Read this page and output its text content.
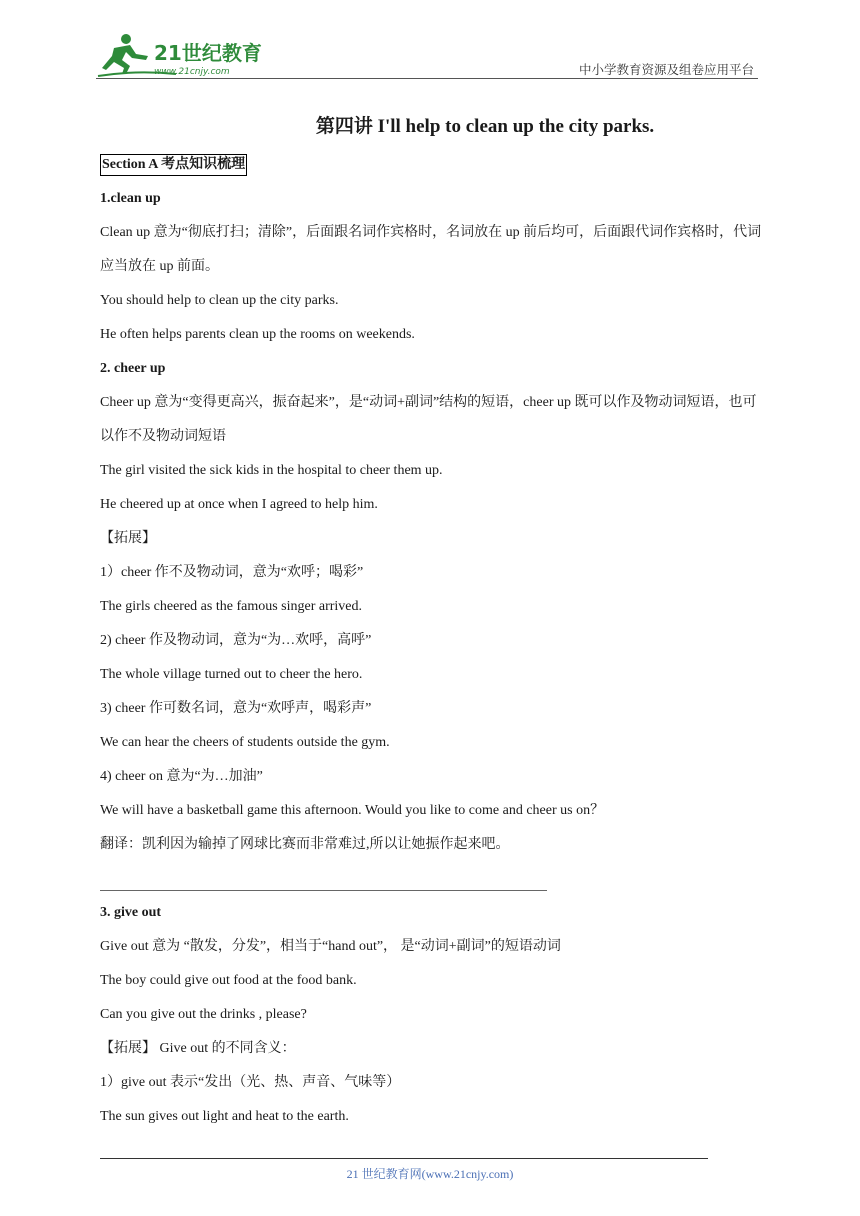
21世纪教育
www.21cnjy.com	中小学教育资源及组卷应用平台
第四讲 I'll help to clean up the city parks.
Section A 考点知识梳理
1.clean up
Clean up 意为“彻底打扫；清除”，后面跟名词作宾格时，名词放在 up 前后均可，后面跟代词作宾格时，代词应当放在 up 前面。
You should help to clean up the city parks.
He often helps parents clean up the rooms on weekends.
2. cheer up
Cheer up 意为“变得更高兴，振奋起来”，是“动词+副词”结构的短语，cheer up 既可以作及物动词短语，也可以作不及物动词短语
The girl visited the sick kids in the hospital to cheer them up.
He cheered up at once when I agreed to help him.
【拓展】
1）cheer 作不及物动词，意为“欢呼；喝彩”
The girls cheered as the famous singer arrived.
2) cheer 作及物动词，意为“为…欢呼，高呼”
The whole village turned out to cheer the hero.
3) cheer 作可数名词，意为“欢呼声，喝彩声”
We can hear the cheers of students outside the gym.
4) cheer on 意为“为…加油”
We will have a basketball game this afternoon. Would you like to come and cheer us on？
翻译：凯利因为输掉了网球比赛而非常难过,所以让她振作起来吧。
3. give out
Give out 意为 “散发，分发”，相当于“hand out”， 是“动词+副词”的短语动词
The boy could give out food at the food bank.
Can you give out the drinks , please?
【拓展】 Give out 的不同含义：
1）give out 表示“发出（光、热、声音、气味等）
The sun gives out light and heat to the earth.
21 世纪教育网(www.21cnjy.com)
